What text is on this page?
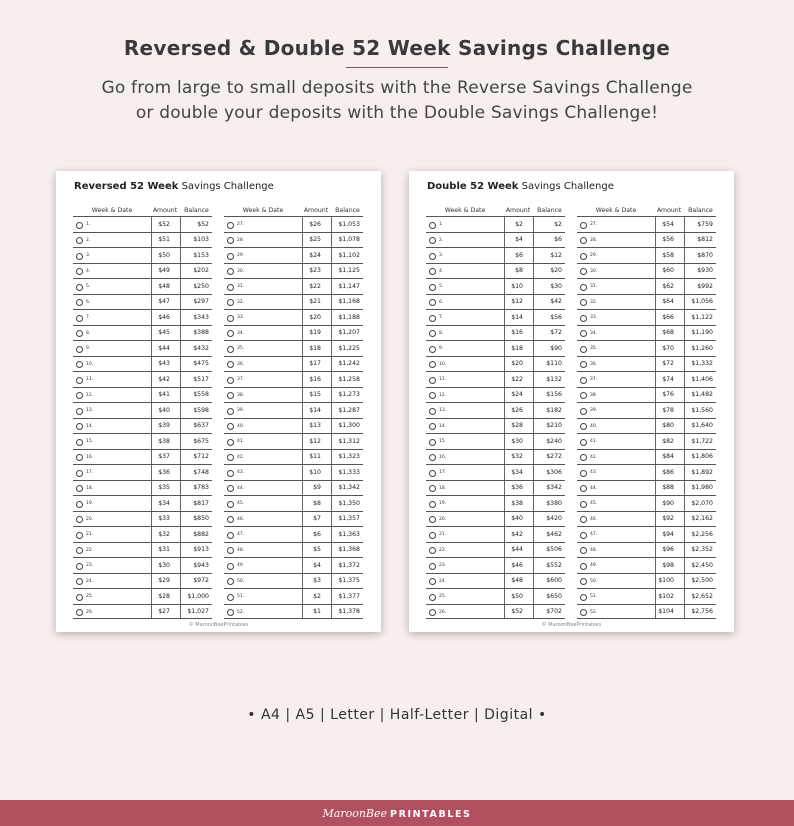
Reversed & Double 52 Week Savings Challenge
Go from large to small deposits with the Reverse Savings Challenge
or double your deposits with the Double Savings Challenge!
Reversed 52 Week Savings Challenge
Week & Date	Amount	Balance
1.	$52	$52
2.	$51	$103
3.	$50	$153
4.	$49	$202
5.	$48	$250
6.	$47	$297
7.	$46	$343
8.	$45	$388
9.	$44	$432
10.	$43	$475
11.	$42	$517
12.	$41	$558
13.	$40	$598
14.	$39	$637
15.	$38	$675
16.	$37	$712
17.	$36	$748
18.	$35	$783
19.	$34	$817
20.	$33	$850
21.	$32	$882
22.	$31	$913
23.	$30	$943
24.	$29	$972
25.	$28	$1,000
26.	$27	$1,027
Week & Date	Amount	Balance
27.	$26	$1,053
28.	$25	$1,078
29.	$24	$1,102
30.	$23	$1,125
31.	$22	$1,147
32.	$21	$1,168
33.	$20	$1,188
34.	$19	$1,207
35.	$18	$1,225
36.	$17	$1,242
37.	$16	$1,258
38.	$15	$1,273
39.	$14	$1,287
40.	$13	$1,300
41.	$12	$1,312
42.	$11	$1,323
43.	$10	$1,333
44.	$9	$1,342
45.	$8	$1,350
46.	$7	$1,357
47.	$6	$1,363
48.	$5	$1,368
49.	$4	$1,372
50.	$3	$1,375
51.	$2	$1,377
52.	$1	$1,378
© MaroonBeePrintables
Double 52 Week Savings Challenge
Week & Date	Amount	Balance
1.	$2	$2
2.	$4	$6
3.	$6	$12
4.	$8	$20
5.	$10	$30
6.	$12	$42
7.	$14	$56
8.	$16	$72
9.	$18	$90
10.	$20	$110
11.	$22	$132
12.	$24	$156
13.	$26	$182
14.	$28	$210
15.	$30	$240
16.	$32	$272
17.	$34	$306
18.	$36	$342
19.	$38	$380
20.	$40	$420
21.	$42	$462
22.	$44	$506
23.	$46	$552
24.	$48	$600
25.	$50	$650
26.	$52	$702
Week & Date	Amount	Balance
27.	$54	$759
28.	$56	$812
29.	$58	$870
30.	$60	$930
31.	$62	$992
32.	$64	$1,056
33.	$66	$1,122
34.	$68	$1,190
35.	$70	$1,260
36.	$72	$1,332
37.	$74	$1,406
38.	$76	$1,482
39.	$78	$1,560
40.	$80	$1,640
41.	$82	$1,722
42.	$84	$1,806
43.	$86	$1,892
44.	$88	$1,980
45.	$90	$2,070
46.	$92	$2,162
47.	$94	$2,256
48.	$96	$2,352
49.	$98	$2,450
50.	$100	$2,500
51.	$102	$2,652
52.	$104	$2,756
© MaroonBeePrintables
• A4 | A5 | Letter | Half-Letter | Digital •
MaroonBee PRINTABLES
